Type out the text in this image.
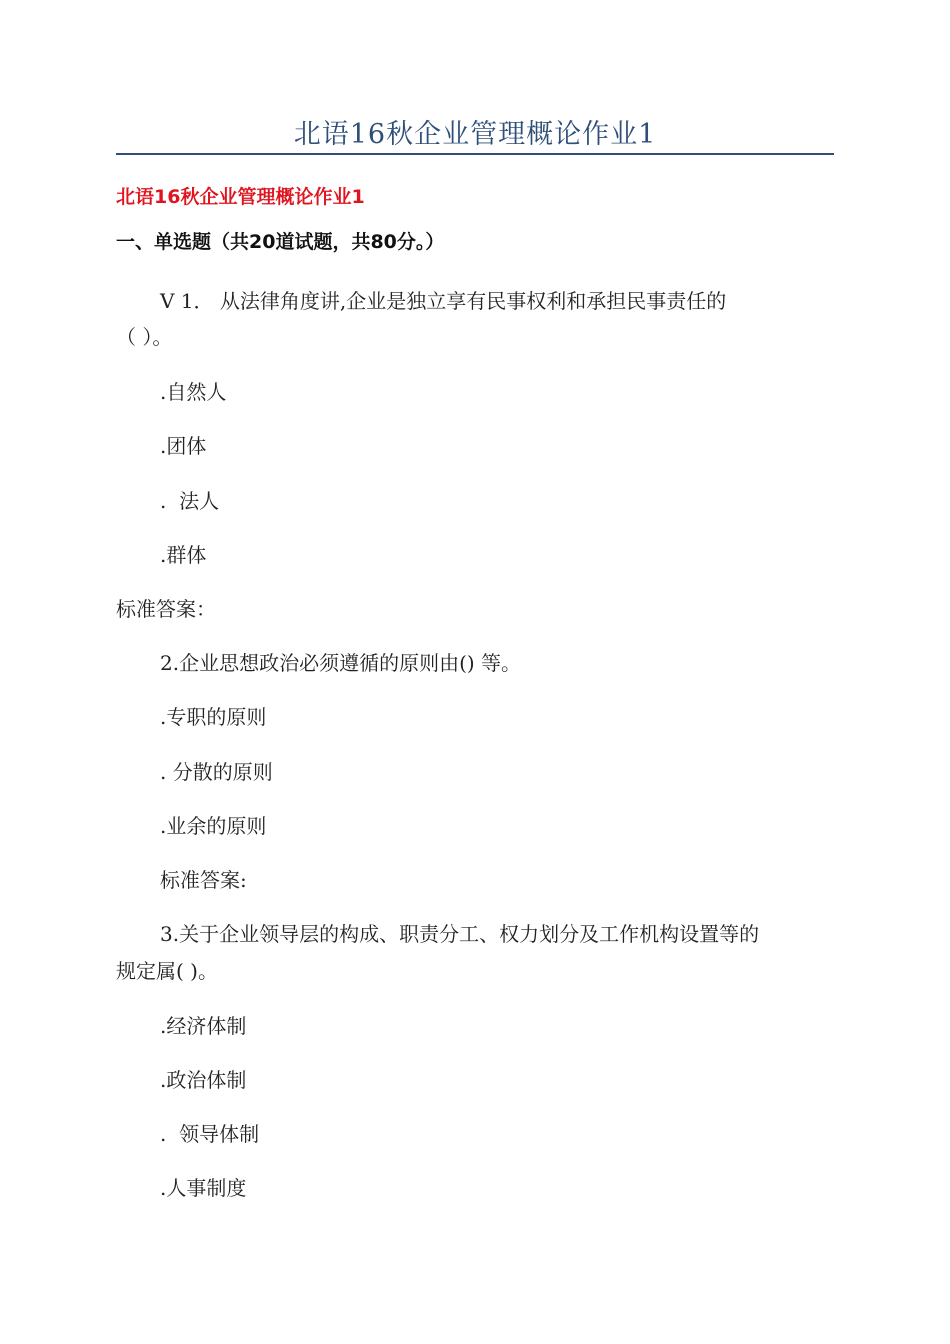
北语16秋企业管理概论作业1
北语16秋企业管理概论作业1
一、单选题（共20道试题，共80分。）
V 1． 从法律角度讲,企业是独立享有民事权利和承担民事责任的
（ ）。
.自然人
.团体
.  法人
.群体
标准答案：
2.企业思想政治必须遵循的原则由() 等。
.专职的原则
. 分散的原则
.业余的原则
标准答案:
3.关于企业领导层的构成、职责分工、权力划分及工作机构设置等的
规定属( )。
.经济体制
.政治体制
.  领导体制
.人事制度
